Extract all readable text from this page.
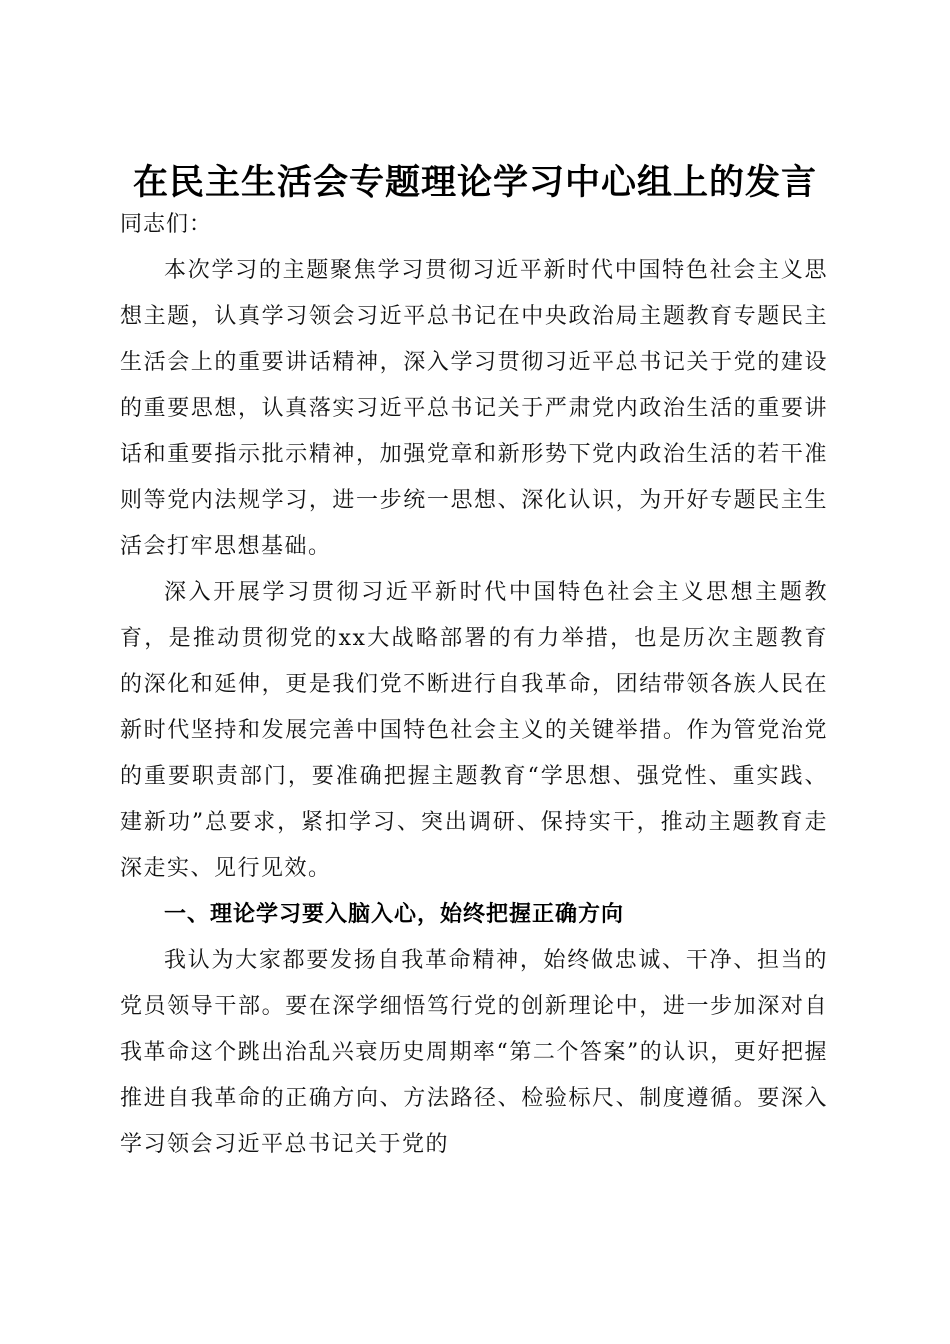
在民主生活会专题理论学习中心组上的发言

同志们：

本次学习的主题聚焦学习贯彻习近平新时代中国特色社会主义思想主题，认真学习领会习近平总书记在中央政治局主题教育专题民主生活会上的重要讲话精神，深入学习贯彻习近平总书记关于党的建设的重要思想，认真落实习近平总书记关于严肃党内政治生活的重要讲话和重要指示批示精神，加强党章和新形势下党内政治生活的若干准则等党内法规学习，进一步统一思想、深化认识，为开好专题民主生活会打牢思想基础。

深入开展学习贯彻习近平新时代中国特色社会主义思想主题教育，是推动贯彻党的xx大战略部署的有力举措，也是历次主题教育的深化和延伸，更是我们党不断进行自我革命，团结带领各族人民在新时代坚持和发展完善中国特色社会主义的关键举措。作为管党治党的重要职责部门，要准确把握主题教育“学思想、强党性、重实践、建新功”总要求，紧扣学习、突出调研、保持实干，推动主题教育走深走实、见行见效。

一、理论学习要入脑入心，始终把握正确方向

我认为大家都要发扬自我革命精神，始终做忠诚、干净、担当的党员领导干部。要在深学细悟笃行党的创新理论中，进一步加深对自我革命这个跳出治乱兴衰历史周期率“第二个答案”的认识，更好把握推进自我革命的正确方向、方法路径、检验标尺、制度遵循。要深入学习领会习近平总书记关于党的
